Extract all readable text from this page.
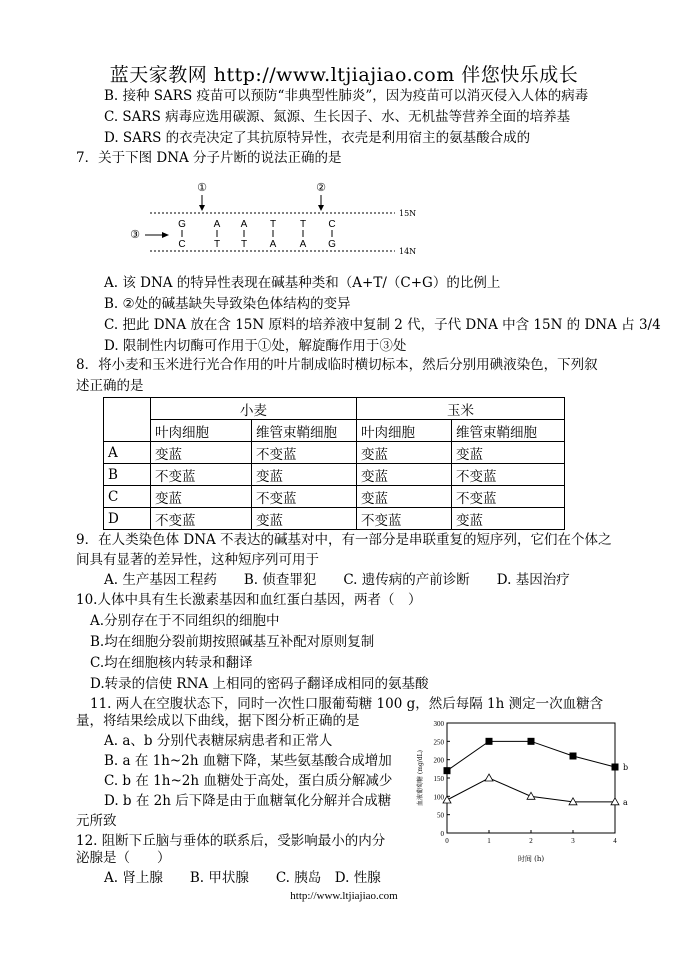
蓝天家教网 http://www.ltjiajiao.com 伴您快乐成长
B. 接种 SARS 疫苗可以预防“非典型性肺炎”，因为疫苗可以消灭侵入人体的病毒
C. SARS 病毒应选用碳源、氮源、生长因子、水、无机盐等营养全面的培养基
D. SARS 的衣壳决定了其抗原特异性，衣壳是利用宿主的氨基酸合成的
7．关于下图 DNA 分子片断的说法正确的是
①	②
15N
G	A A T T C
③
C	T T A A G
14N
A. 该 DNA 的特异性表现在碱基种类和（A+T/（C+G）的比例上
B. ②处的碱基缺失导致染色体结构的变异
C. 把此 DNA 放在含 15N 原料的培养液中复制 2 代，子代 DNA 中含 15N 的 DNA 占 3/4
D. 限制性内切酶可作用于①处，解旋酶作用于③处
8．将小麦和玉米进行光合作用的叶片制成临时横切标本，然后分别用碘液染色，下列叙
述正确的是
	小麦		玉米	
	叶肉细胞	维管束鞘细胞	叶肉细胞	维管束鞘细胞
A	变蓝	不变蓝	变蓝	变蓝
B	不变蓝	变蓝	变蓝	不变蓝
C	变蓝	不变蓝	变蓝	不变蓝
D	不变蓝	变蓝	不变蓝	变蓝
9．在人类染色体 DNA 不表达的碱基对中，有一部分是串联重复的短序列，它们在个体之
间具有显著的差异性，这种短序列可用于
A. 生产基因工程药　　B. 侦查罪犯　　C. 遗传病的产前诊断　　D. 基因治疗
10.人体中具有生长激素基因和血红蛋白基因，两者（　）
A.分别存在于不同组织的细胞中
B.均在细胞分裂前期按照碱基互补配对原则复制
C.均在细胞核内转录和翻译
D.转录的信使 RNA 上相同的密码子翻译成相同的氨基酸
11. 两人在空腹状态下，同时一次性口服葡萄糖 100 g，然后每隔 1h 测定一次血糖含
量，将结果绘成以下曲线，据下图分析正确的是
A. a、b 分别代表糖尿病患者和正常人
B. a 在 1h~2h 血糖下降，某些氨基酸合成增加
C. b 在 1h~2h 血糖处于高处，蛋白质分解减少
D. b 在 2h 后下降是由于血糖氧化分解并合成糖
元所致
12. 阻断下丘脑与垂体的联系后，受影响最小的内分
泌腺是（　　）
A. 肾上腺　　B. 甲状腺　　C. 胰岛　D. 性腺
0
50
100
150
200
250
300
0	1	2	3	4
时间 (h)
血液葡萄糖 (mg/dL)	b
a
http://www.ltjiajiao.com
